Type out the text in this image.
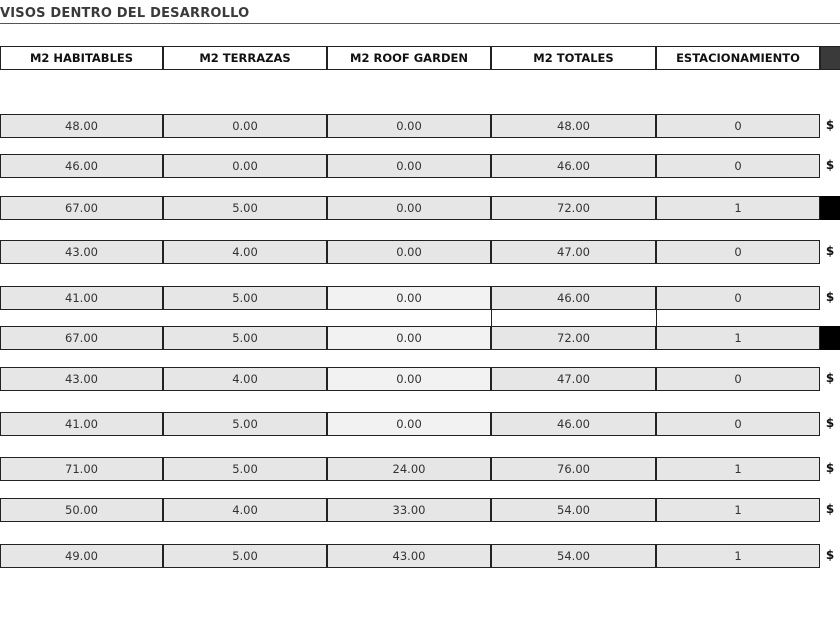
VISOS DENTRO DEL DESARROLLO
M2 HABITABLES	M2 TERRAZAS	M2 ROOF GARDEN	M2 TOTALES	ESTACIONAMIENTO
48.00	0.00	0.00	48.00	0	$
46.00	0.00	0.00	46.00	0	$
67.00	5.00	0.00	72.00	1
43.00	4.00	0.00	47.00	0	$
41.00	5.00	0.00	46.00	0	$
67.00	5.00	0.00	72.00	1
43.00	4.00	0.00	47.00	0	$
41.00	5.00	0.00	46.00	0	$
71.00	5.00	24.00	76.00	1	$
50.00	4.00	33.00	54.00	1	$
49.00	5.00	43.00	54.00	1	$
